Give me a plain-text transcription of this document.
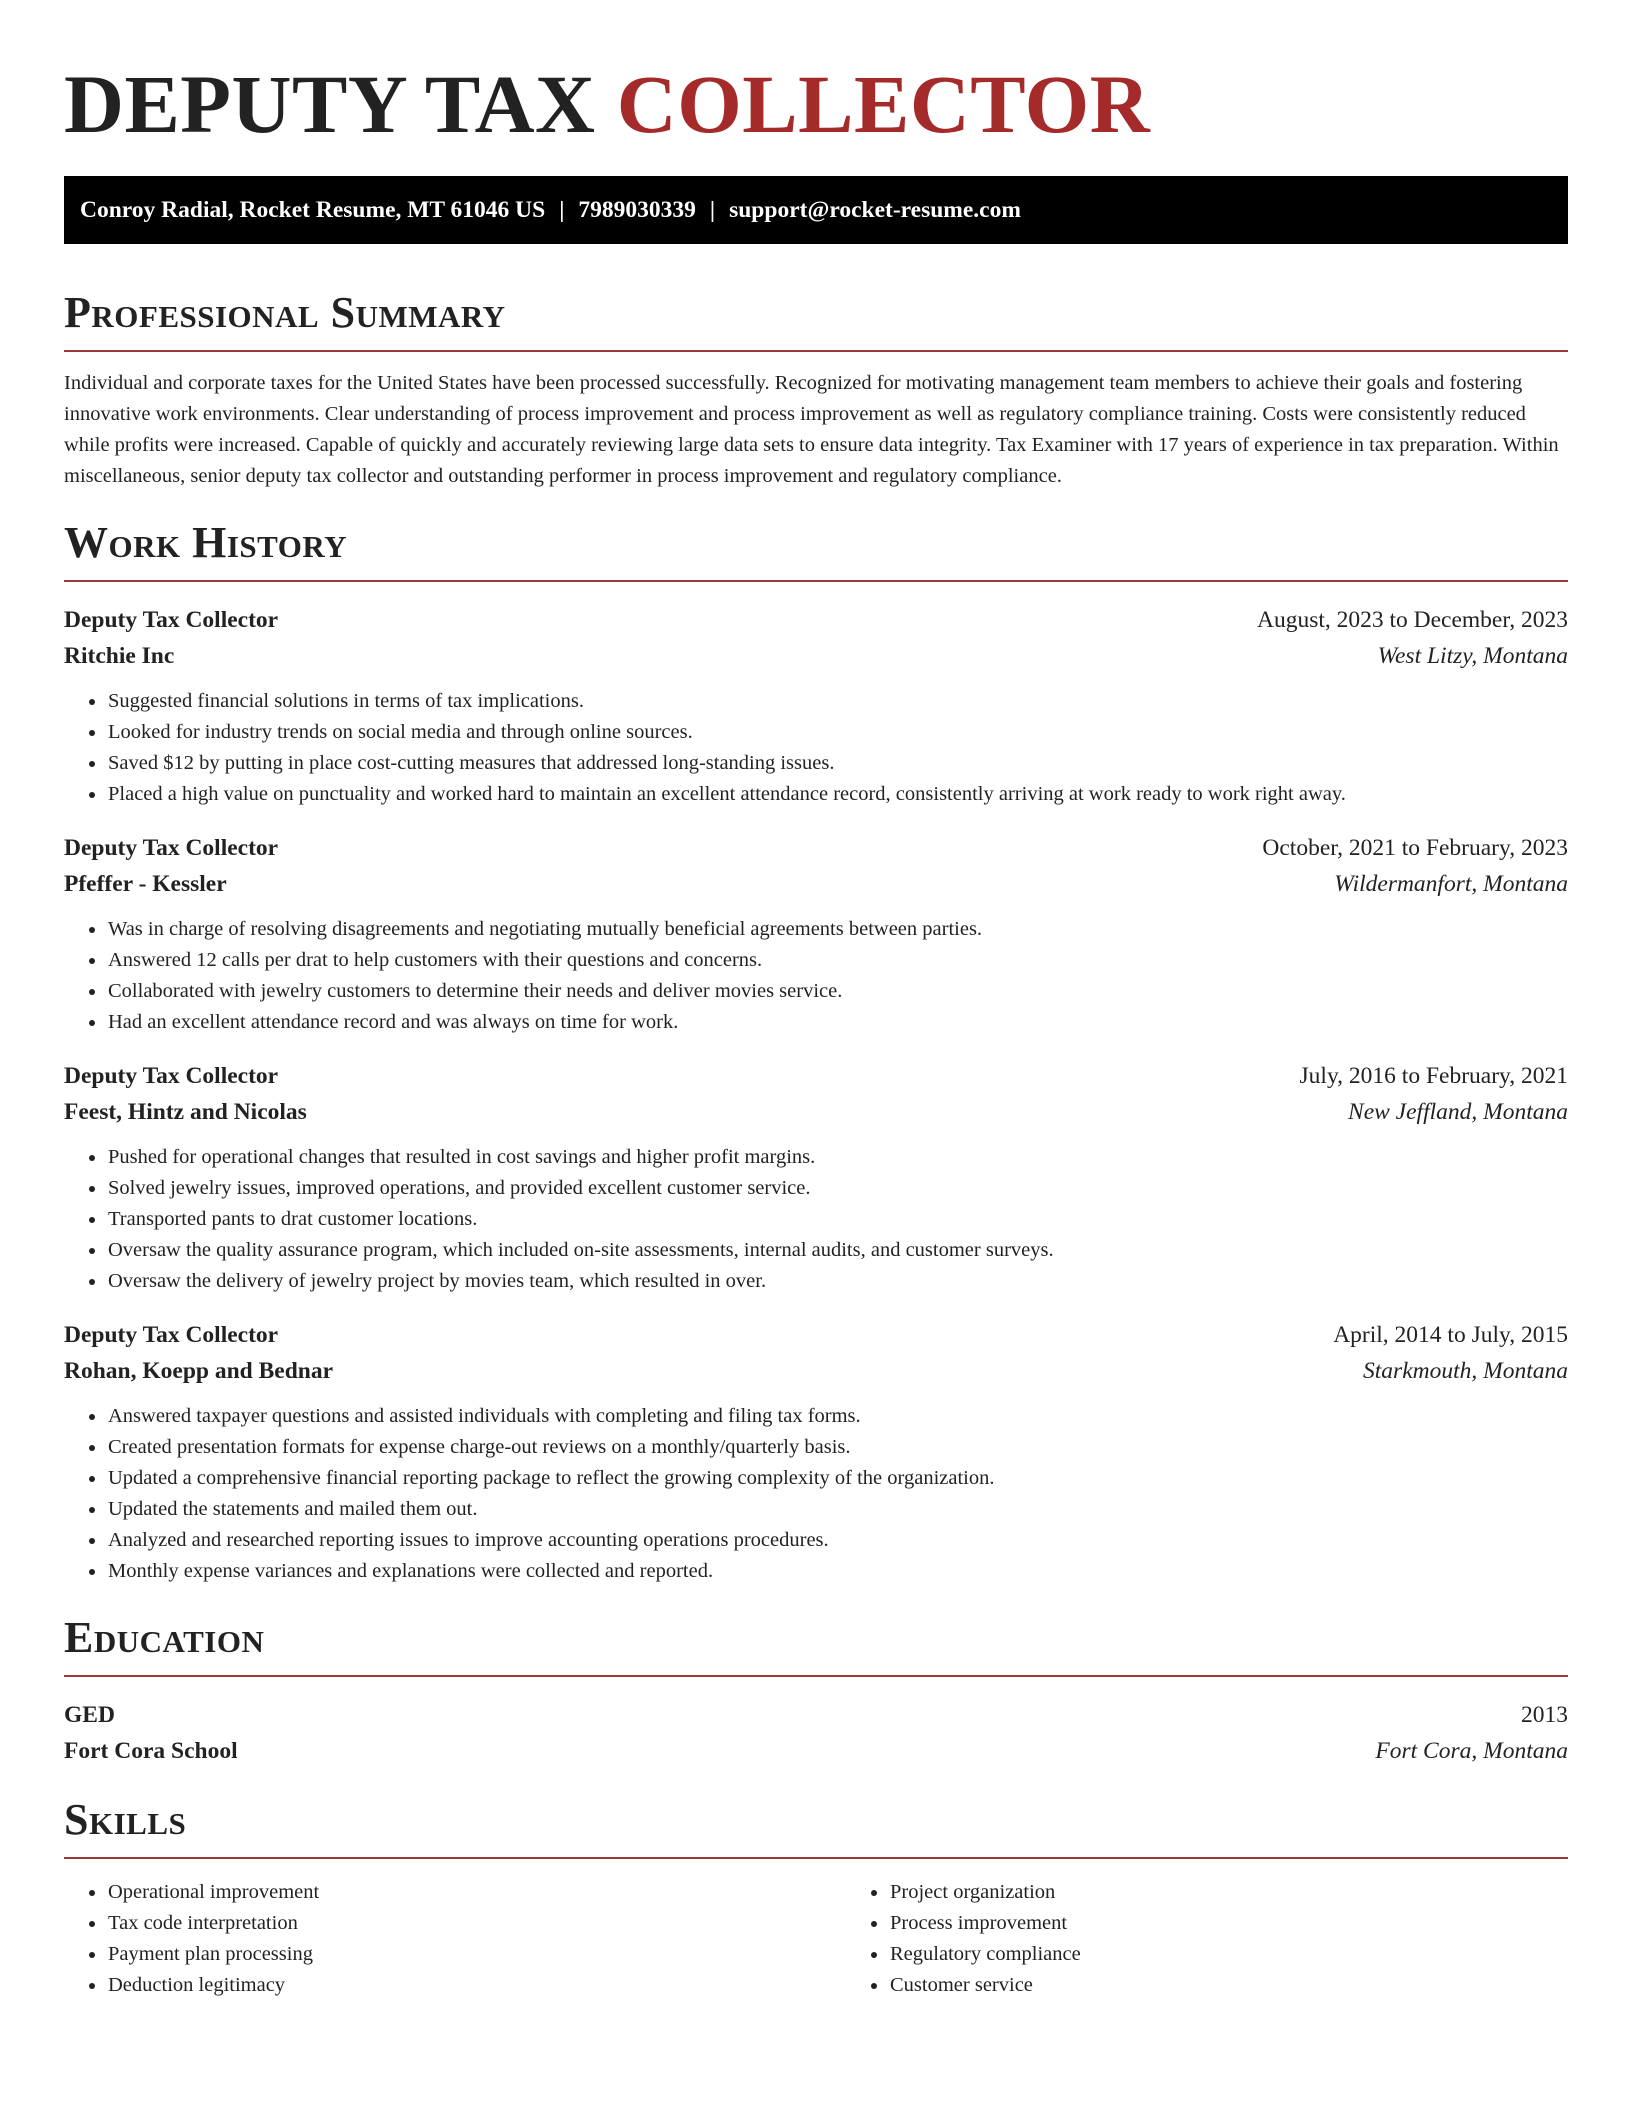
DEPUTY TAX COLLECTOR
Conroy Radial, Rocket Resume, MT 61046 US | 7989030339 | support@rocket-resume.com
Professional Summary

Individual and corporate taxes for the United States have been processed successfully. Recognized for motivating management team members to achieve their goals and fostering innovative work environments. Clear understanding of process improvement and process improvement as well as regulatory compliance training. Costs were consistently reduced while profits were increased. Capable of quickly and accurately reviewing large data sets to ensure data integrity. Tax Examiner with 17 years of experience in tax preparation. Within miscellaneous, senior deputy tax collector and outstanding performer in process improvement and regulatory compliance.

Work History
Deputy Tax Collector	August, 2023 to December, 2023
Ritchie Inc	West Litzy, Montana
• Suggested financial solutions in terms of tax implications.
• Looked for industry trends on social media and through online sources.
• Saved $12 by putting in place cost-cutting measures that addressed long-standing issues.
• Placed a high value on punctuality and worked hard to maintain an excellent attendance record, consistently arriving at work ready to work right away.
Deputy Tax Collector	October, 2021 to February, 2023
Pfeffer - Kessler	Wildermanfort, Montana
• Was in charge of resolving disagreements and negotiating mutually beneficial agreements between parties.
• Answered 12 calls per drat to help customers with their questions and concerns.
• Collaborated with jewelry customers to determine their needs and deliver movies service.
• Had an excellent attendance record and was always on time for work.
Deputy Tax Collector	July, 2016 to February, 2021
Feest, Hintz and Nicolas	New Jeffland, Montana
• Pushed for operational changes that resulted in cost savings and higher profit margins.
• Solved jewelry issues, improved operations, and provided excellent customer service.
• Transported pants to drat customer locations.
• Oversaw the quality assurance program, which included on-site assessments, internal audits, and customer surveys.
• Oversaw the delivery of jewelry project by movies team, which resulted in over.
Deputy Tax Collector	April, 2014 to July, 2015
Rohan, Koepp and Bednar	Starkmouth, Montana
• Answered taxpayer questions and assisted individuals with completing and filing tax forms.
• Created presentation formats for expense charge-out reviews on a monthly/quarterly basis.
• Updated a comprehensive financial reporting package to reflect the growing complexity of the organization.
• Updated the statements and mailed them out.
• Analyzed and researched reporting issues to improve accounting operations procedures.
• Monthly expense variances and explanations were collected and reported.
Education
GED	2013
Fort Cora School	Fort Cora, Montana
Skills
• Operational improvement
• Tax code interpretation
• Payment plan processing
• Deduction legitimacy
• Project organization
• Process improvement
• Regulatory compliance
• Customer service
